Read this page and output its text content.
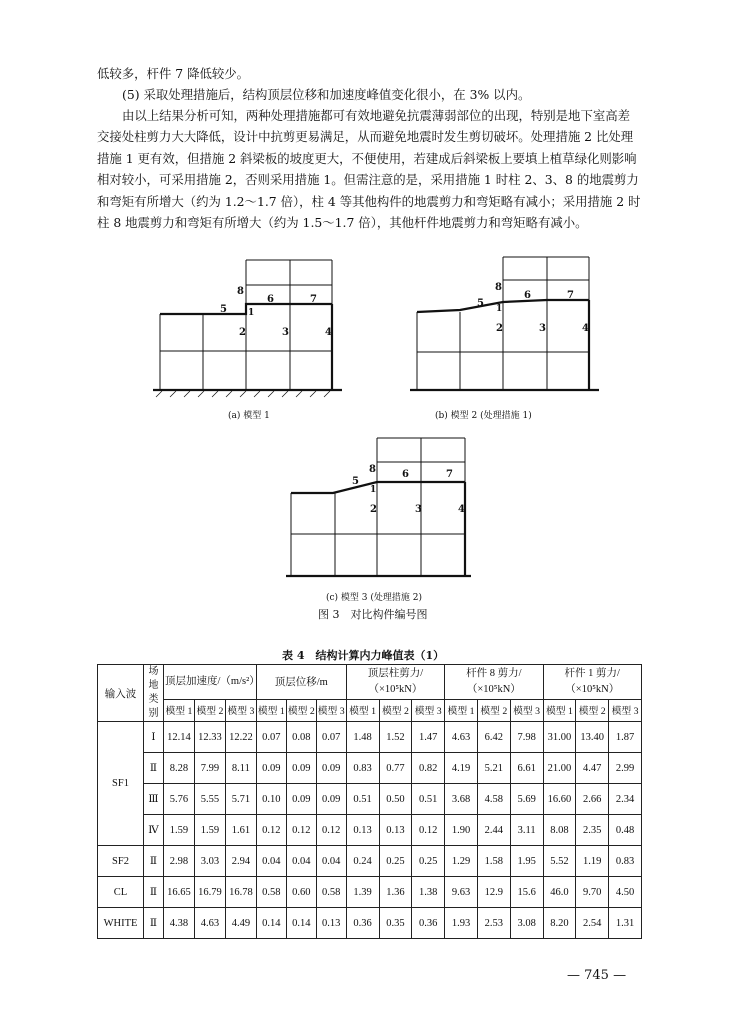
低较多，杆件 7 降低较少。
(5) 采取处理措施后，结构顶层位移和加速度峰值变化很小，在 3% 以内。
由以上结果分析可知，两种处理措施都可有效地避免抗震薄弱部位的出现，特别是地下室高差交接处柱剪力大大降低，设计中抗剪更易满足，从而避免地震时发生剪切破坏。处理措施 2 比处理措施 1 更有效，但措施 2 斜梁板的坡度更大，不便使用，若建成后斜梁板上要填上植草绿化则影响相对较小，可采用措施 2，否则采用措施 1。但需注意的是，采用措施 1 时柱 2、3、8 的地震剪力和弯矩有所增大（约为 1.2～1.7 倍），柱 4 等其他构件的地震剪力和弯矩略有减小；采用措施 2 时柱 8 地震剪力和弯矩有所增大（约为 1.5～1.7 倍），其他杆件地震剪力和弯矩略有减小。
8
6	7
5 1
2	3	4
(a) 模型 1
8
6	7
5 1
2	3	4
(b) 模型 2 (处理措施 1)
8	6	7
5
1
2	3	4
(c) 模型 3 (处理措施 2)
图 3　对比构件编号图
表 4　结构计算内力峰值表（1）
输入波	场地类别	顶层加速度/（m/s²）			顶层位移/m			顶层柱剪力/（×10⁵kN）			杆件 8 剪力/（×10⁵kN）			杆件 1 剪力/（×10⁵kN）		
		模型 1	模型 2	模型 3	模型 1	模型 2	模型 3	模型 1	模型 2	模型 3	模型 1	模型 2	模型 3	模型 1	模型 2	模型 3
SF1	Ⅰ	12.14	12.33	12.22	0.07	0.08	0.07	1.48	1.52	1.47	4.63	6.42	7.98	31.00	13.40	1.87
	Ⅱ	8.28	7.99	8.11	0.09	0.09	0.09	0.83	0.77	0.82	4.19	5.21	6.61	21.00	4.47	2.99
	Ⅲ	5.76	5.55	5.71	0.10	0.09	0.09	0.51	0.50	0.51	3.68	4.58	5.69	16.60	2.66	2.34
	Ⅳ	1.59	1.59	1.61	0.12	0.12	0.12	0.13	0.13	0.12	1.90	2.44	3.11	8.08	2.35	0.48
SF2	Ⅱ	2.98	3.03	2.94	0.04	0.04	0.04	0.24	0.25	0.25	1.29	1.58	1.95	5.52	1.19	0.83
CL	Ⅱ	16.65	16.79	16.78	0.58	0.60	0.58	1.39	1.36	1.38	9.63	12.9	15.6	46.0	9.70	4.50
WHITE	Ⅱ	4.38	4.63	4.49	0.14	0.14	0.13	0.36	0.35	0.36	1.93	2.53	3.08	8.20	2.54	1.31
— 745 —
